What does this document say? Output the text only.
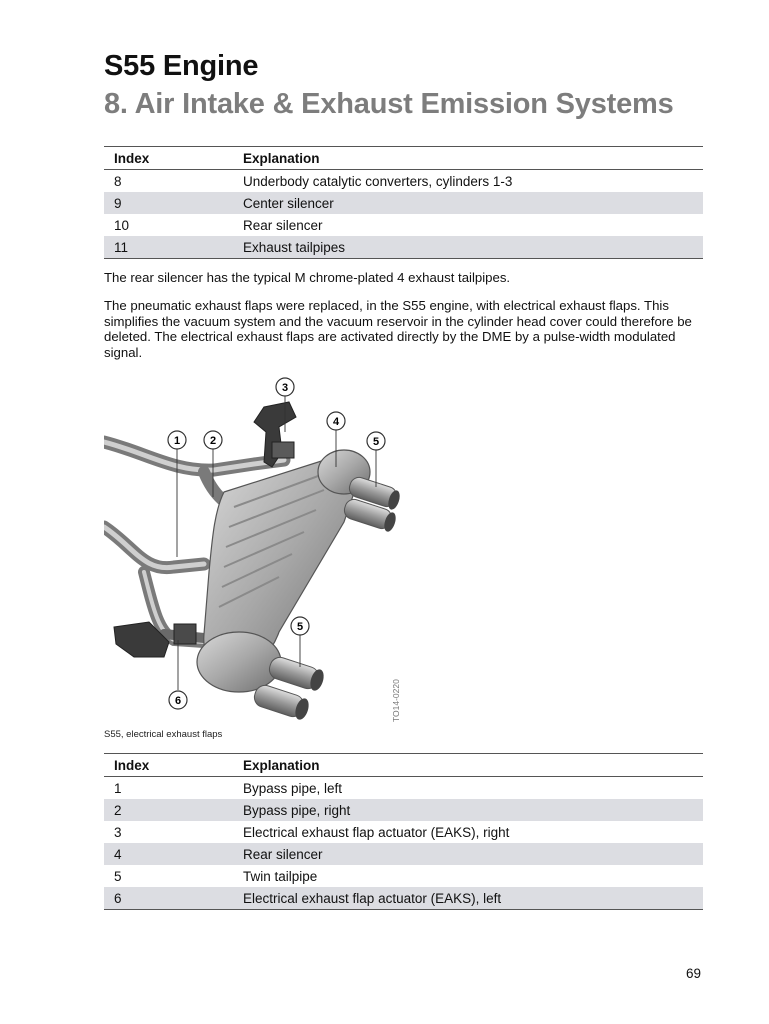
S55 Engine
8. Air Intake & Exhaust Emission Systems
Index	Explanation
8	Underbody catalytic converters, cylinders 1-3
9	Center silencer
10	Rear silencer
11	Exhaust tailpipes

The rear silencer has the typical M chrome-plated 4 exhaust tailpipes.

The pneumatic exhaust flaps were replaced, in the S55 engine, with electrical exhaust flaps. This simplifies the vacuum system and the vacuum reservoir in the cylinder head cover could therefore be deleted. The electrical exhaust flaps are activated directly by the DME by a pulse-width modulated signal.

1	2
3
4
5
5
6	TO14-0220
S55, electrical exhaust flaps
Index	Explanation
1	Bypass pipe, left
2	Bypass pipe, right
3	Electrical exhaust flap actuator (EAKS), right
4	Rear silencer
5	Twin tailpipe
6	Electrical exhaust flap actuator (EAKS), left
69
